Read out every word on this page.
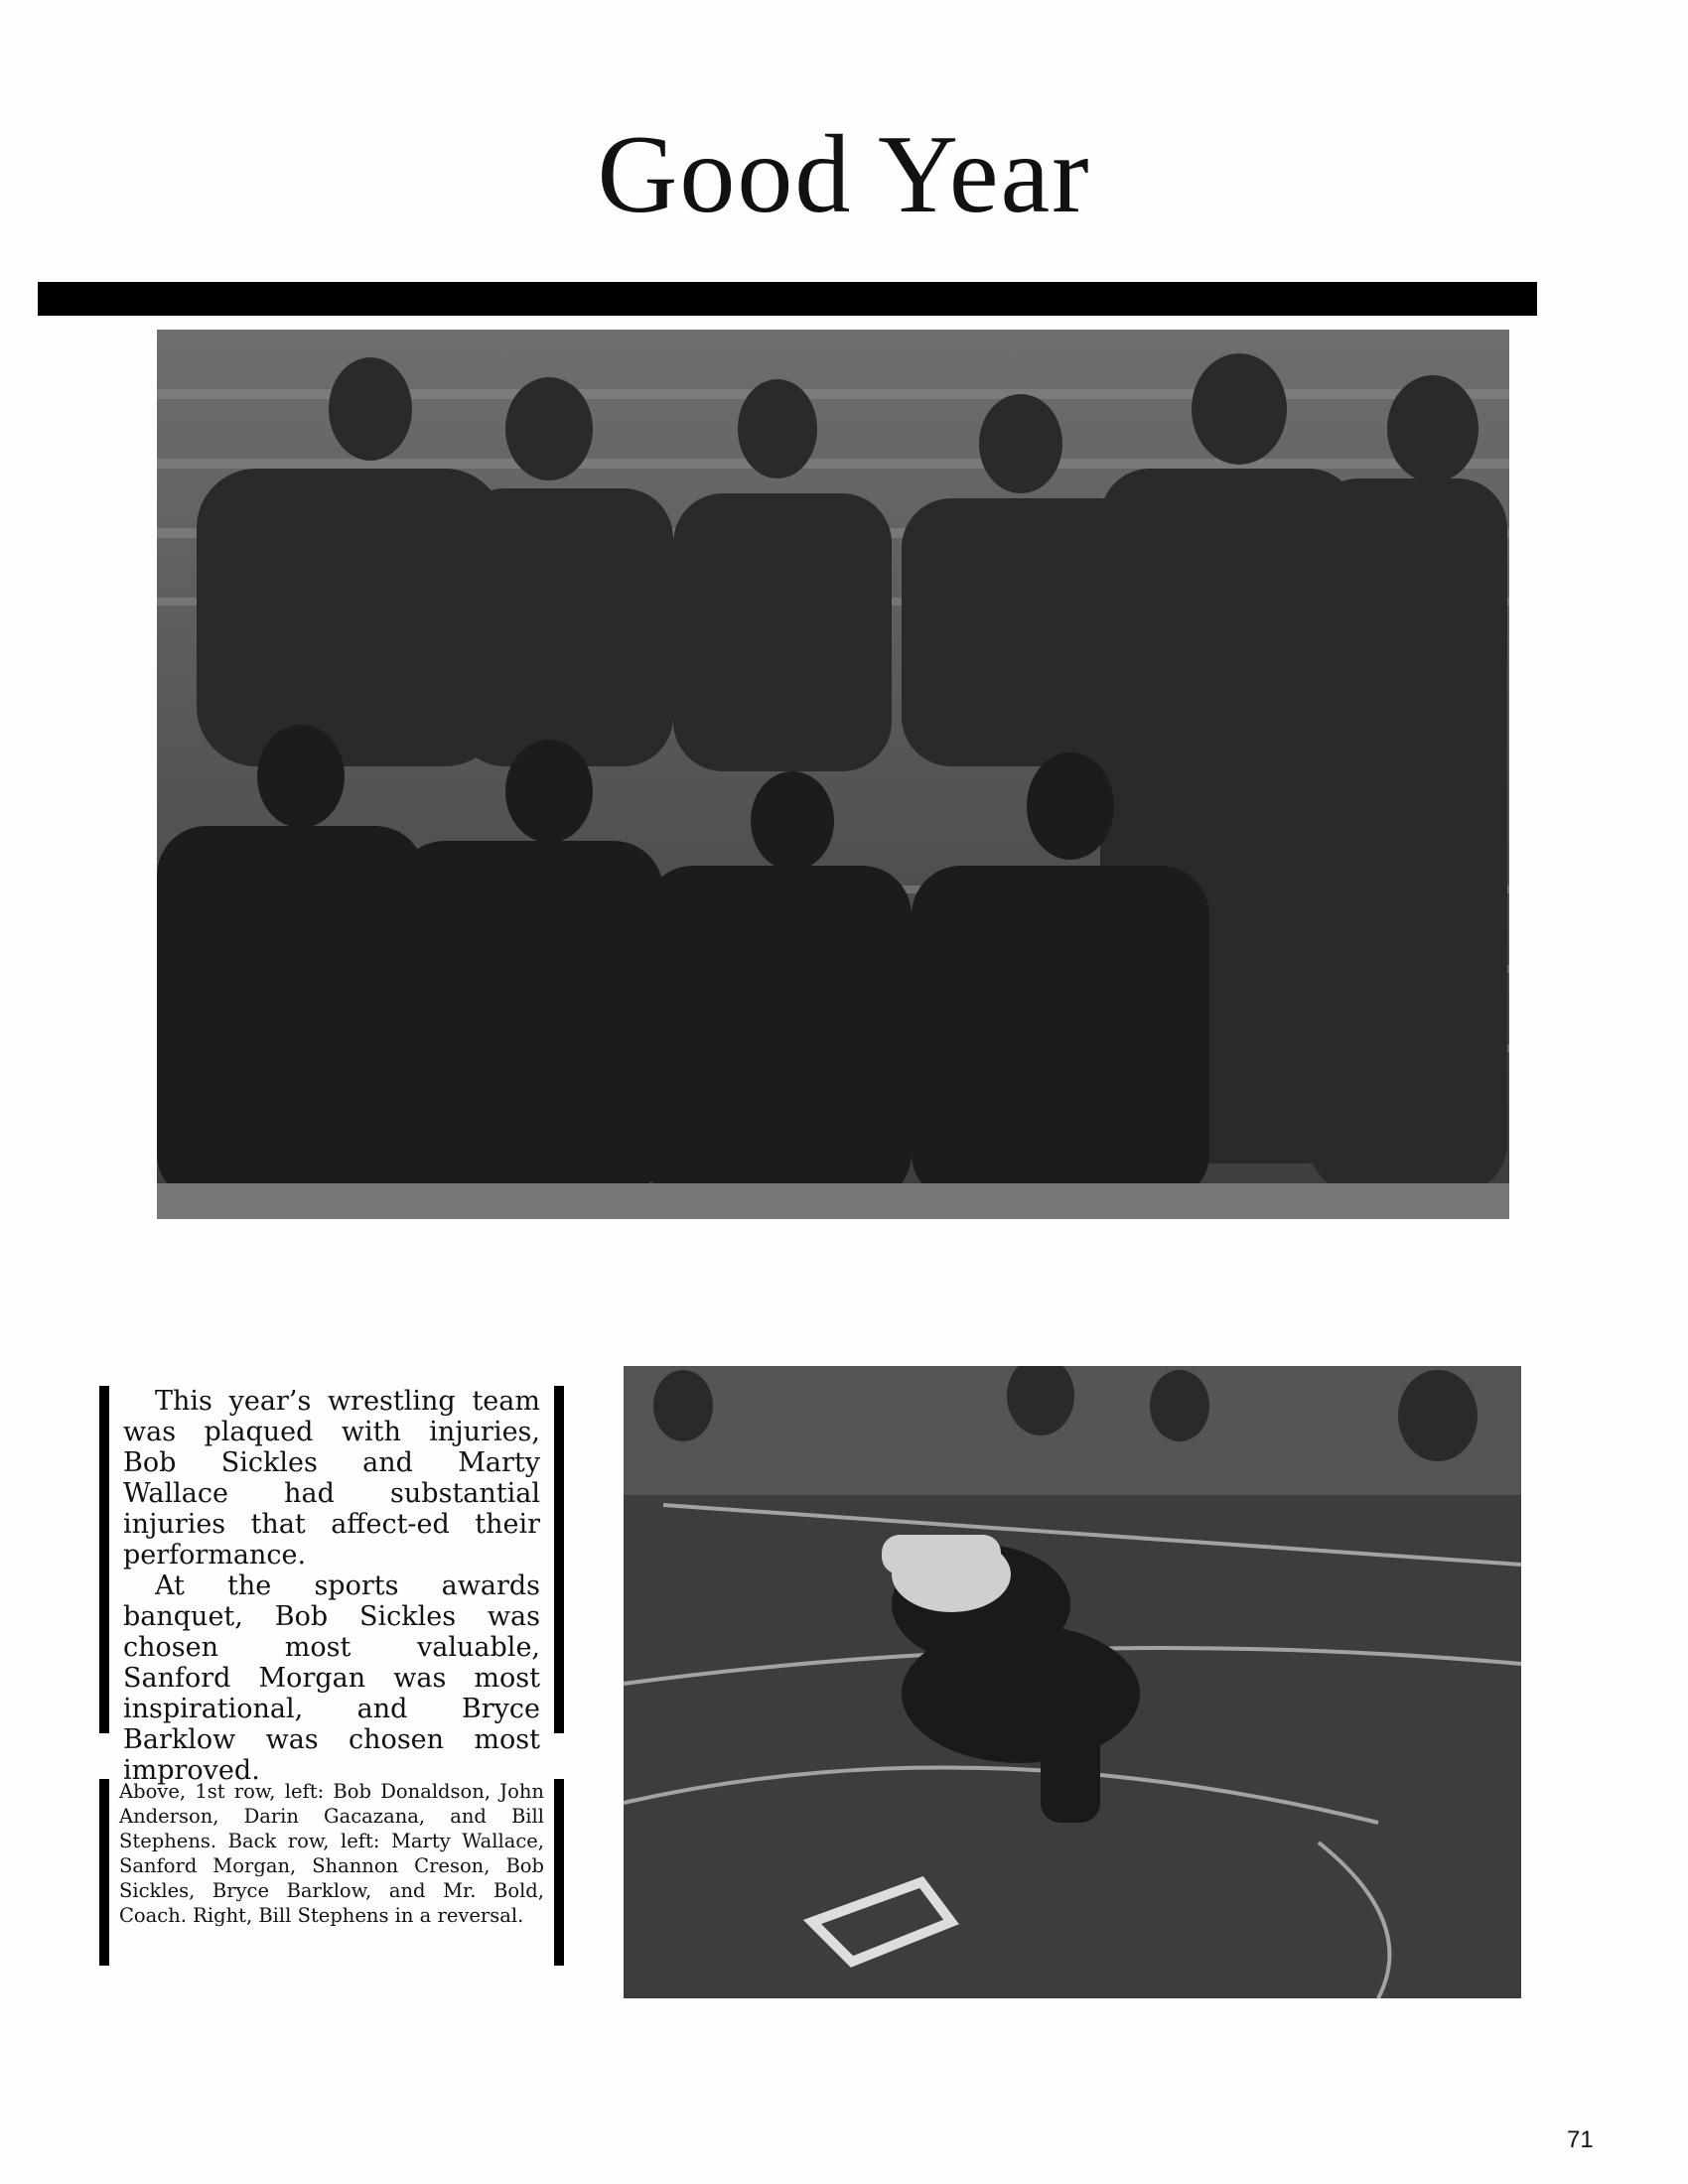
Good Year

This year’s wrestling team was plaqued with injuries, Bob Sickles and Marty Wallace had substantial injuries that affect-ed their performance.

At the sports awards banquet, Bob Sickles was chosen most valuable, Sanford Morgan was most inspirational, and Bryce Barklow was chosen most improved.

Above, 1st row, left: Bob Donaldson, John Anderson, Darin Gacazana, and Bill Stephens. Back row, left: Marty Wallace, Sanford Morgan, Shannon Creson, Bob Sickles, Bryce Barklow, and Mr. Bold, Coach. Right, Bill Stephens in a reversal.

71
